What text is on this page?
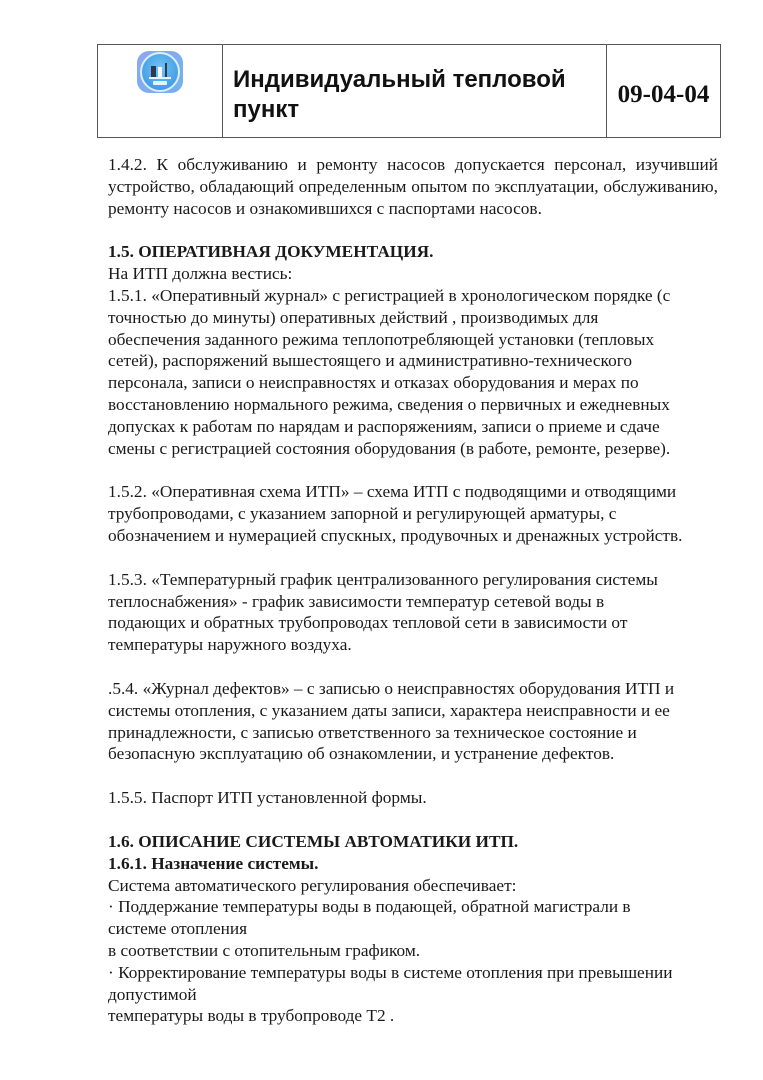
Индивидуальный тепловой
пункт
09-04-04

1.4.2. К обслуживанию и ремонту насосов допускается персонал, изучивший устройство, обладающий определенным опытом по эксплуатации, обслуживанию, ремонту насосов и ознакомившихся с паспортами насосов.

1.5. ОПЕРАТИВНАЯ ДОКУМЕНТАЦИЯ.

На ИТП должна вестись:

1.5.1. «Оперативный журнал» с регистрацией в хронологическом порядке (с

точностью до минуты) оперативных действий , производимых для

обеспечения заданного режима теплопотребляющей установки (тепловых

сетей), распоряжений вышестоящего и административно-технического

персонала, записи о неисправностях и отказах оборудования и мерах по

восстановлению нормального режима, сведения о первичных и ежедневных

допусках к работам по нарядам и распоряжениям, записи о приеме и сдаче

смены с регистрацией состояния оборудования (в работе, ремонте, резерве).

1.5.2. «Оперативная схема ИТП» – схема ИТП с подводящими и отводящими

трубопроводами, с указанием запорной и регулирующей арматуры, с

обозначением и нумерацией спускных, продувочных и дренажных устройств.

1.5.3. «Температурный график централизованного регулирования системы

теплоснабжения» - график зависимости температур сетевой воды в

подающих и обратных трубопроводах тепловой сети в зависимости от

температуры наружного воздуха.

.5.4. «Журнал дефектов» – с записью о неисправностях оборудования ИТП и

системы отопления, с указанием даты записи, характера неисправности и ее

принадлежности, с записью ответственного за техническое состояние и

безопасную эксплуатацию об ознакомлении, и устранение дефектов.

1.5.5. Паспорт ИТП установленной формы.

1.6. ОПИСАНИЕ СИСТЕМЫ АВТОМАТИКИ ИТП.

1.6.1. Назначение системы.

Система автоматического регулирования обеспечивает:

· Поддержание температуры воды в подающей, обратной магистрали в

системе отопления

в соответствии с отопительным графиком.

· Корректирование температуры воды в системе отопления при превышении

допустимой

температуры воды в трубопроводе Т2 .
